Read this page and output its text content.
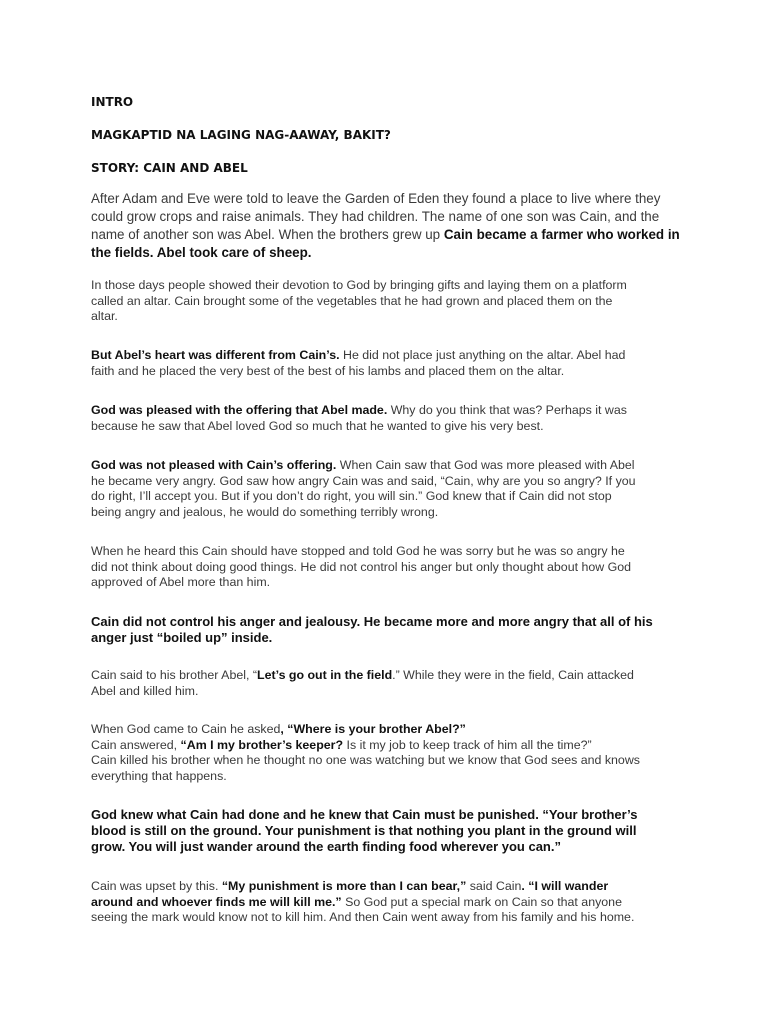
INTRO
MAGKAPTID NA LAGING NAG-AAWAY, BAKIT?
STORY: CAIN AND ABEL

After Adam and Eve were told to leave the Garden of Eden they found a place to live where they
could grow crops and raise animals. They had children. The name of one son was Cain, and the
name of another son was Abel. When the brothers grew up Cain became a farmer who worked in
the fields. Abel took care of sheep.

In those days people showed their devotion to God by bringing gifts and laying them on a platform
called an altar. Cain brought some of the vegetables that he had grown and placed them on the
altar.

But Abel’s heart was different from Cain’s. He did not place just anything on the altar. Abel had
faith and he placed the very best of the best of his lambs and placed them on the altar.

God was pleased with the offering that Abel made. Why do you think that was? Perhaps it was
because he saw that Abel loved God so much that he wanted to give his very best.

God was not pleased with Cain’s offering. When Cain saw that God was more pleased with Abel
he became very angry. God saw how angry Cain was and said, “Cain, why are you so angry? If you
do right, I’ll accept you. But if you don’t do right, you will sin.” God knew that if Cain did not stop
being angry and jealous, he would do something terribly wrong.

When he heard this Cain should have stopped and told God he was sorry but he was so angry he
did not think about doing good things. He did not control his anger but only thought about how God
approved of Abel more than him.

Cain did not control his anger and jealousy. He became more and more angry that all of his
anger just “boiled up” inside.

Cain said to his brother Abel, “Let’s go out in the field.” While they were in the field, Cain attacked
Abel and killed him.

When God came to Cain he asked, “Where is your brother Abel?”
Cain answered, “Am I my brother’s keeper? Is it my job to keep track of him all the time?”
Cain killed his brother when he thought no one was watching but we know that God sees and knows
everything that happens.

God knew what Cain had done and he knew that Cain must be punished. “Your brother’s
blood is still on the ground. Your punishment is that nothing you plant in the ground will
grow. You will just wander around the earth finding food wherever you can.”

Cain was upset by this. “My punishment is more than I can bear,” said Cain. “I will wander
around and whoever finds me will kill me.” So God put a special mark on Cain so that anyone
seeing the mark would know not to kill him. And then Cain went away from his family and his home.
